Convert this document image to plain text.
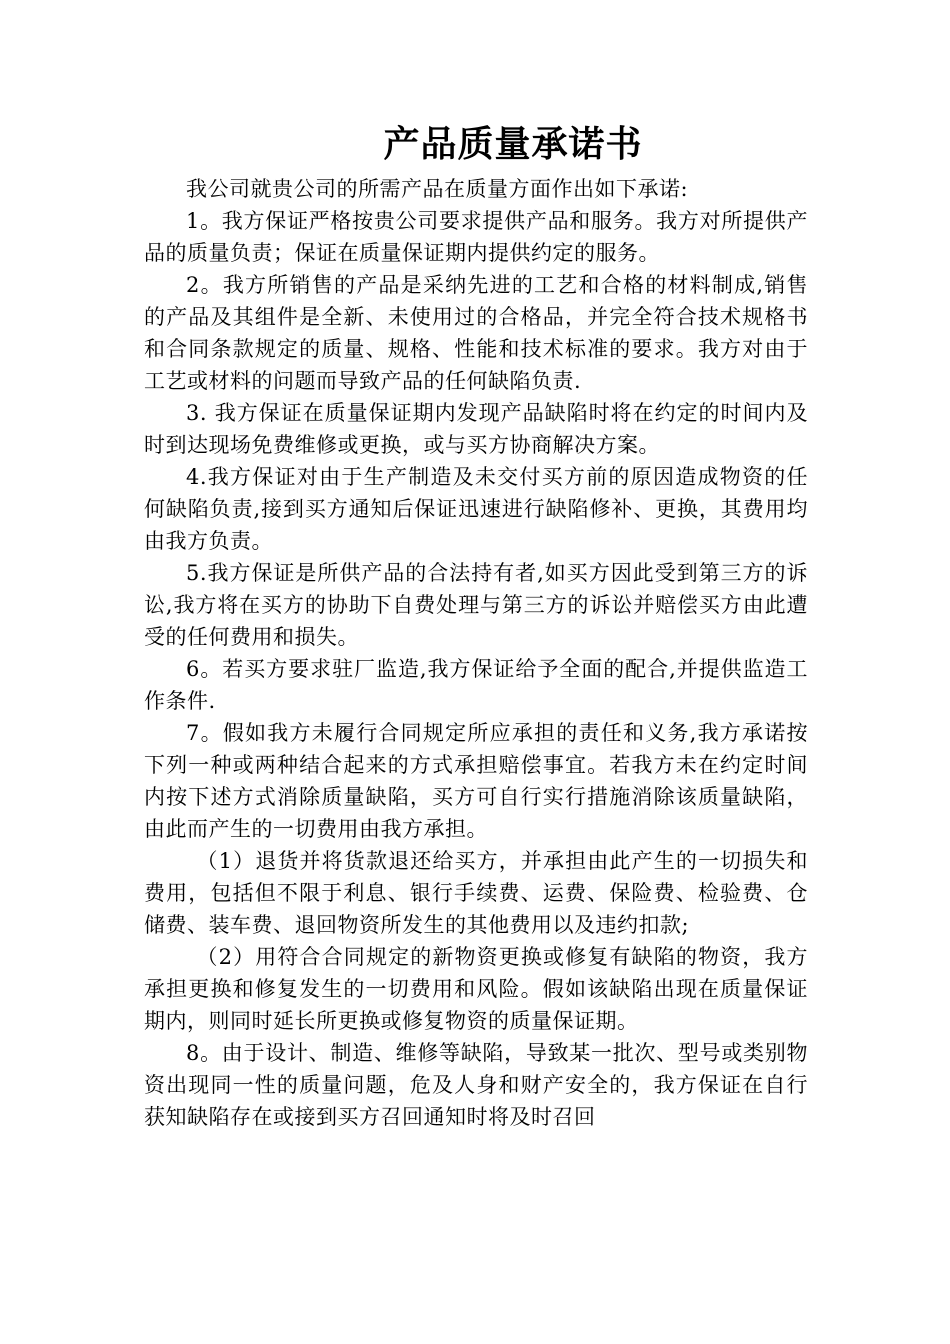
产品质量承诺书

我公司就贵公司的所需产品在质量方面作出如下承诺:

1。我方保证严格按贵公司要求提供产品和服务。我方对所提供产品的质量负责；保证在质量保证期内提供约定的服务。

2。我方所销售的产品是采纳先进的工艺和合格的材料制成,销售的产品及其组件是全新、未使用过的合格品，并完全符合技术规格书和合同条款规定的质量、规格、性能和技术标准的要求。我方对由于工艺或材料的问题而导致产品的任何缺陷负责.

3. 我方保证在质量保证期内发现产品缺陷时将在约定的时间内及时到达现场免费维修或更换，或与买方协商解决方案。

4.我方保证对由于生产制造及未交付买方前的原因造成物资的任何缺陷负责,接到买方通知后保证迅速进行缺陷修补、更换，其费用均由我方负责。

5.我方保证是所供产品的合法持有者,如买方因此受到第三方的诉讼,我方将在买方的协助下自费处理与第三方的诉讼并赔偿买方由此遭受的任何费用和损失。

6。若买方要求驻厂监造,我方保证给予全面的配合,并提供监造工作条件.

7。假如我方未履行合同规定所应承担的责任和义务,我方承诺按下列一种或两种结合起来的方式承担赔偿事宜。若我方未在约定时间内按下述方式消除质量缺陷，买方可自行实行措施消除该质量缺陷，由此而产生的一切费用由我方承担。

（1）退货并将货款退还给买方，并承担由此产生的一切损失和费用，包括但不限于利息、银行手续费、运费、保险费、检验费、仓储费、装车费、退回物资所发生的其他费用以及违约扣款;

（2）用符合合同规定的新物资更换或修复有缺陷的物资，我方承担更换和修复发生的一切费用和风险。假如该缺陷出现在质量保证期内，则同时延长所更换或修复物资的质量保证期。

8。由于设计、制造、维修等缺陷，导致某一批次、型号或类别物资出现同一性的质量问题，危及人身和财产安全的，我方保证在自行获知缺陷存在或接到买方召回通知时将及时召回
